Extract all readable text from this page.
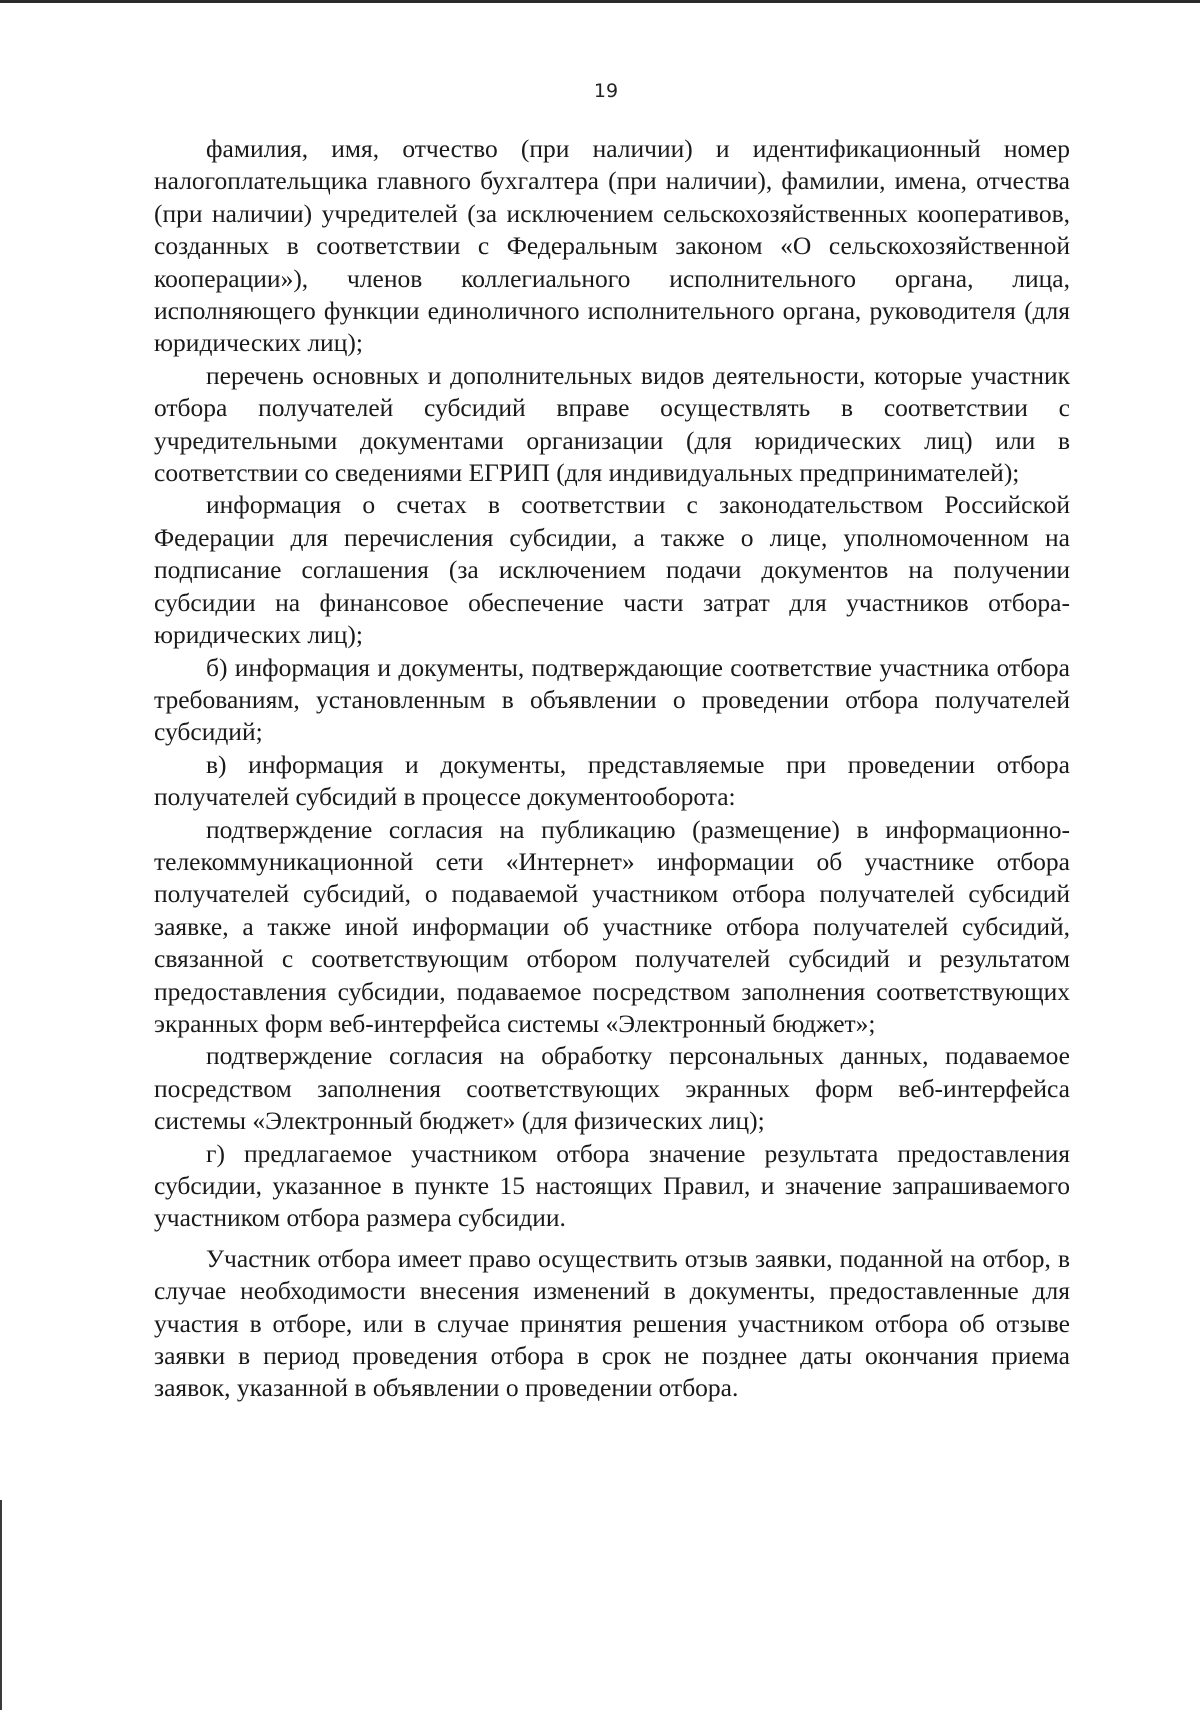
19

фамилия, имя, отчество (при наличии) и идентификационный номер налогоплательщика главного бухгалтера (при наличии), фамилии, имена, отчества (при наличии) учредителей (за исключением сельскохозяйственных кооперативов, созданных в соответствии с Федеральным законом «О сельскохозяйственной кооперации»), членов коллегиального исполнительного органа, лица, исполняющего функции единоличного исполнительного органа, руководителя (для юридических лиц);

перечень основных и дополнительных видов деятельности, которые участник отбора получателей субсидий вправе осуществлять в соответствии с учредительными документами организации (для юридических лиц) или в соответствии со сведениями ЕГРИП (для индивидуальных предпринимателей);

информация о счетах в соответствии с законодательством Российской Федерации для перечисления субсидии, а также о лице, уполномоченном на подписание соглашения (за исключением подачи документов на получении субсидии на финансовое обеспечение части затрат для участников отбора-юридических лиц);

б) информация и документы, подтверждающие соответствие участника отбора требованиям, установленным в объявлении о проведении отбора получателей субсидий;

в) информация и документы, представляемые при проведении отбора получателей субсидий в процессе документооборота:

подтверждение согласия на публикацию (размещение) в информационно-телекоммуникационной сети «Интернет» информации об участнике отбора получателей субсидий, о подаваемой участником отбора получателей субсидий заявке, а также иной информации об участнике отбора получателей субсидий, связанной с соответствующим отбором получателей субсидий и результатом предоставления субсидии, подаваемое посредством заполнения соответствующих экранных форм веб-интерфейса системы «Электронный бюджет»;

подтверждение согласия на обработку персональных данных, подаваемое посредством заполнения соответствующих экранных форм веб-интерфейса системы «Электронный бюджет» (для физических лиц);

г) предлагаемое участником отбора значение результата предоставления субсидии, указанное в пункте 15 настоящих Правил, и значение запрашиваемого участником отбора размера субсидии.

Участник отбора имеет право осуществить отзыв заявки, поданной на отбор, в случае необходимости внесения изменений в документы, предоставленные для участия в отборе, или в случае принятия решения участником отбора об отзыве заявки в период проведения отбора в срок не позднее даты окончания приема заявок, указанной в объявлении о проведении отбора.
